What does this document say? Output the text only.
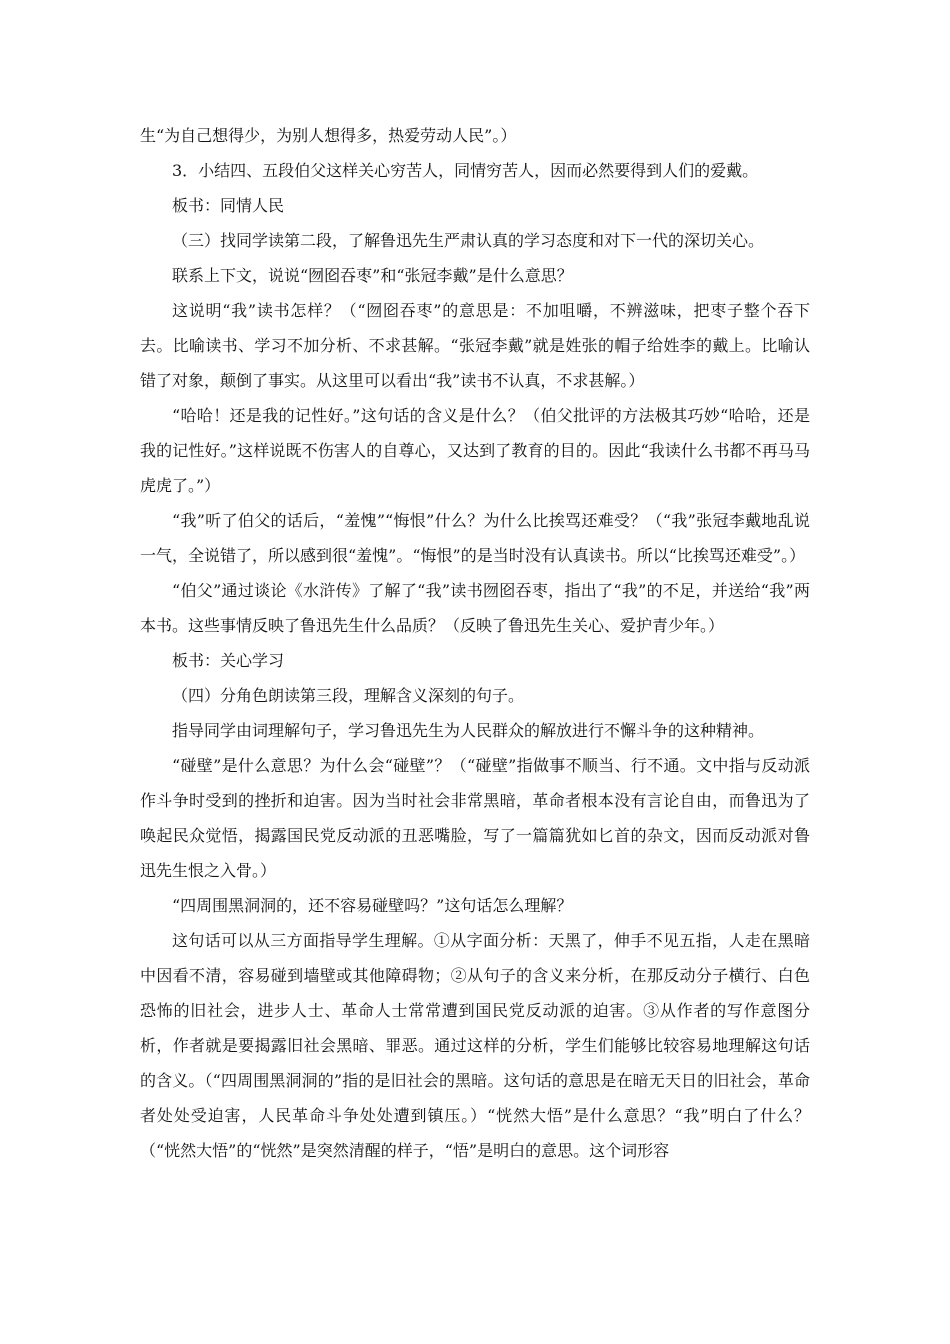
生“为自己想得少，为别人想得多，热爱劳动人民”。）

3．小结四、五段伯父这样关心穷苦人，同情穷苦人，因而必然要得到人们的爱戴。

板书：同情人民

（三）找同学读第二段，了解鲁迅先生严肃认真的学习态度和对下一代的深切关心。

联系上下文，说说“囫囵吞枣”和“张冠李戴”是什么意思？

这说明“我”读书怎样？（“囫囵吞枣”的意思是：不加咀嚼，不辨滋味，把枣子整个吞下去。比喻读书、学习不加分析、不求甚解。“张冠李戴”就是姓张的帽子给姓李的戴上。比喻认错了对象，颠倒了事实。从这里可以看出“我”读书不认真，不求甚解。）

“哈哈！还是我的记性好。”这句话的含义是什么？（伯父批评的方法极其巧妙“哈哈，还是我的记性好。”这样说既不伤害人的自尊心，又达到了教育的目的。因此“我读什么书都不再马马虎虎了。”）

“我”听了伯父的话后，“羞愧”“悔恨”什么？为什么比挨骂还难受？（“我”张冠李戴地乱说一气，全说错了，所以感到很“羞愧”。“悔恨”的是当时没有认真读书。所以“比挨骂还难受”。）

“伯父”通过谈论《水浒传》了解了“我”读书囫囵吞枣，指出了“我”的不足，并送给“我”两本书。这些事情反映了鲁迅先生什么品质？（反映了鲁迅先生关心、爱护青少年。）

板书：关心学习

（四）分角色朗读第三段，理解含义深刻的句子。

指导同学由词理解句子，学习鲁迅先生为人民群众的解放进行不懈斗争的这种精神。

“碰壁”是什么意思？为什么会“碰壁”？（“碰壁”指做事不顺当、行不通。文中指与反动派作斗争时受到的挫折和迫害。因为当时社会非常黑暗，革命者根本没有言论自由，而鲁迅为了唤起民众觉悟，揭露国民党反动派的丑恶嘴脸，写了一篇篇犹如匕首的杂文，因而反动派对鲁迅先生恨之入骨。）

“四周围黑洞洞的，还不容易碰壁吗？”这句话怎么理解？

这句话可以从三方面指导学生理解。①从字面分析：天黑了，伸手不见五指，人走在黑暗中因看不清，容易碰到墙壁或其他障碍物；②从句子的含义来分析，在那反动分子横行、白色恐怖的旧社会，进步人士、革命人士常常遭到国民党反动派的迫害。③从作者的写作意图分析，作者就是要揭露旧社会黑暗、罪恶。通过这样的分析，学生们能够比较容易地理解这句话的含义。（“四周围黑洞洞的”指的是旧社会的黑暗。这句话的意思是在暗无天日的旧社会，革命者处处受迫害，人民革命斗争处处遭到镇压。）“恍然大悟”是什么意思？“我”明白了什么？（“恍然大悟”的“恍然”是突然清醒的样子，“悟”是明白的意思。这个词形容
